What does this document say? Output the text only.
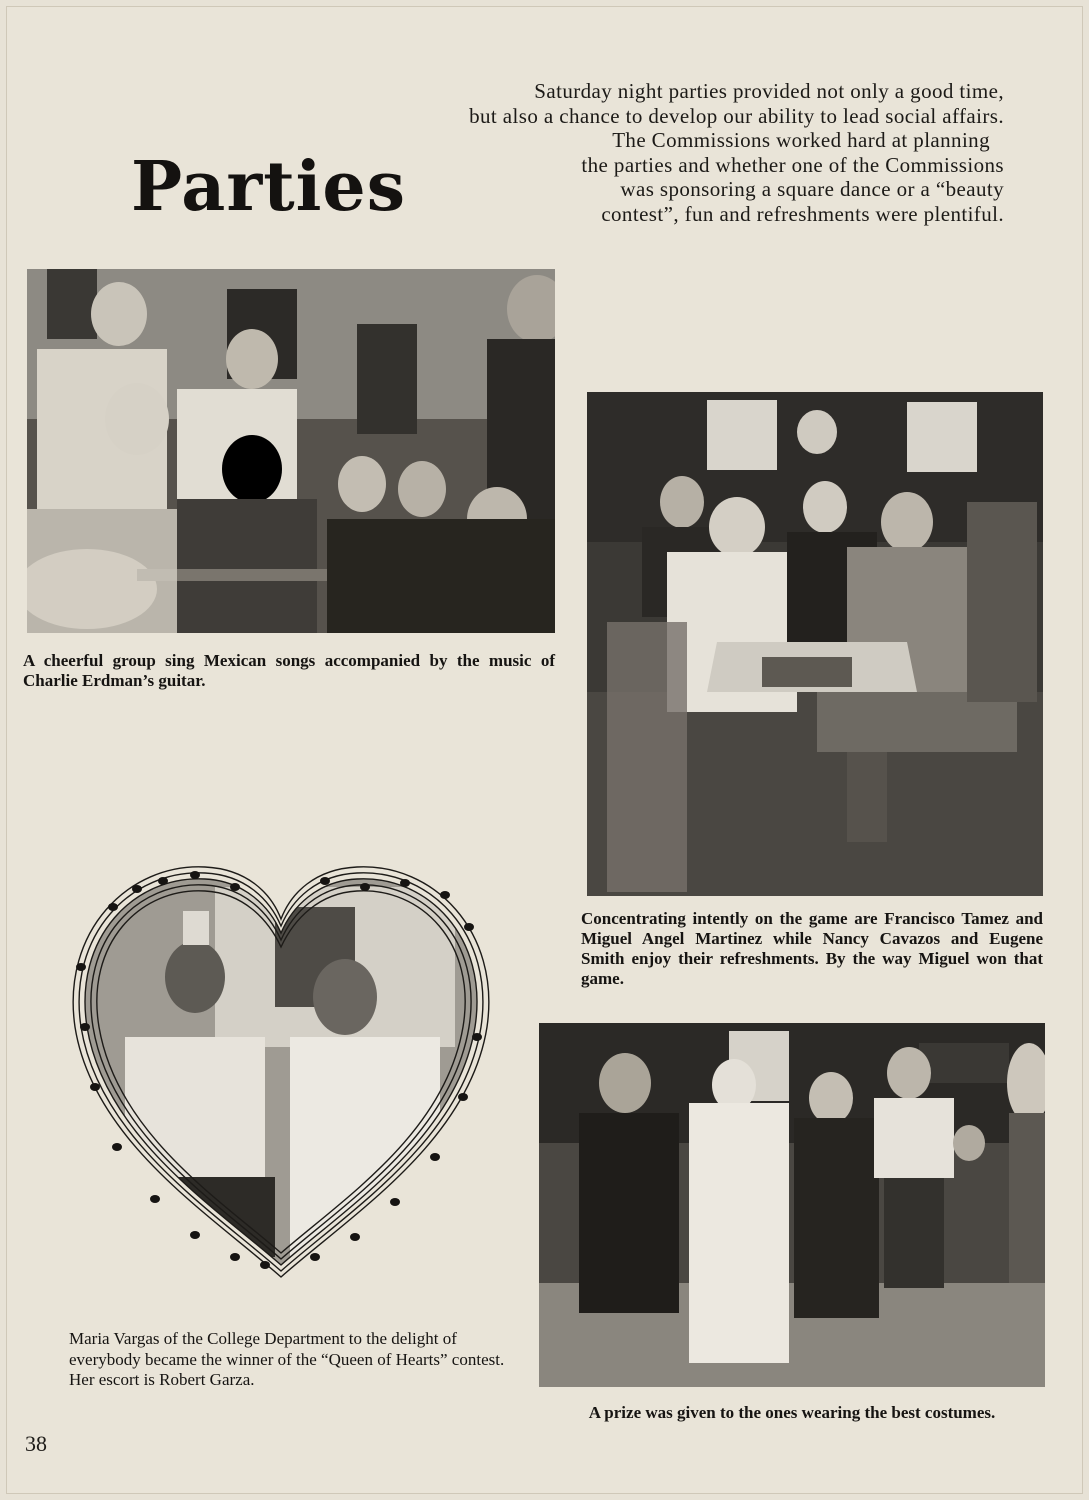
Parties

Saturday night parties provided not only a good time,
but also a chance to develop our ability to lead social affairs.
The Commissions worked hard at planning
the parties and whether one of the Commissions
was sponsoring a square dance or a “beauty
contest”, fun and refreshments were plentiful.

A cheerful group sing Mexican songs accompanied by the music of Charlie Erdman’s guitar.

Concentrating intently on the game are Francisco Tamez and Miguel Angel Martinez while Nancy Cavazos and Eugene Smith enjoy their refreshments. By the way Miguel won that game.

Maria Vargas of the College Department to the delight of everybody became the winner of the “Queen of Hearts” contest. Her escort is Robert Garza.

A prize was given to the ones wearing the best costumes.

38
